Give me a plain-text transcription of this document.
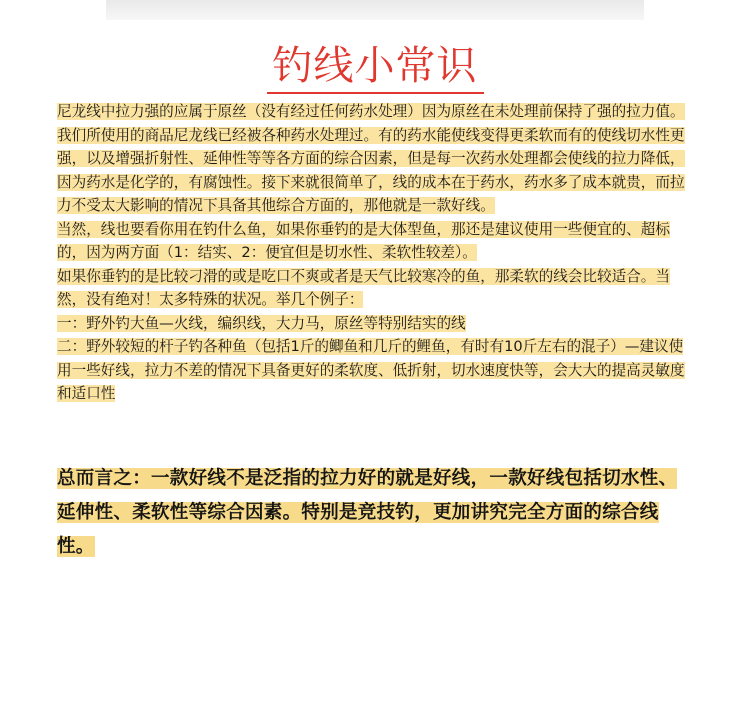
钓线小常识

尼龙线中拉力强的应属于原丝（没有经过任何药水处理）因为原丝在未处理前保持了强的拉力值。我们所使用的商品尼龙线已经被各种药水处理过。有的药水能使线变得更柔软而有的使线切水性更强，以及增强折射性、延伸性等等各方面的综合因素，但是每一次药水处理都会使线的拉力降低，因为药水是化学的，有腐蚀性。接下来就很简单了，线的成本在于药水，药水多了成本就贵，而拉力不受太大影响的情况下具备其他综合方面的，那他就是一款好线。

当然，线也要看你用在钓什么鱼，如果你垂钓的是大体型鱼，那还是建议使用一些便宜的、超标的，因为两方面（1：结实、2：便宜但是切水性、柔软性较差）。

如果你垂钓的是比较刁滑的或是吃口不爽或者是天气比较寒冷的鱼，那柔软的线会比较适合。当然，没有绝对！太多特殊的状况。举几个例子：

一：野外钓大鱼—火线，编织线，大力马，原丝等特别结实的线

二：野外较短的杆子钓各种鱼（包括1斤的鲫鱼和几斤的鲤鱼，有时有10斤左右的混子）—建议使用一些好线，拉力不差的情况下具备更好的柔软度、低折射，切水速度快等，会大大的提高灵敏度和适口性

总而言之：一款好线不是泛指的拉力好的就是好线，一款好线包括切水性、延伸性、柔软性等综合因素。特别是竞技钓，更加讲究完全方面的综合线性。
